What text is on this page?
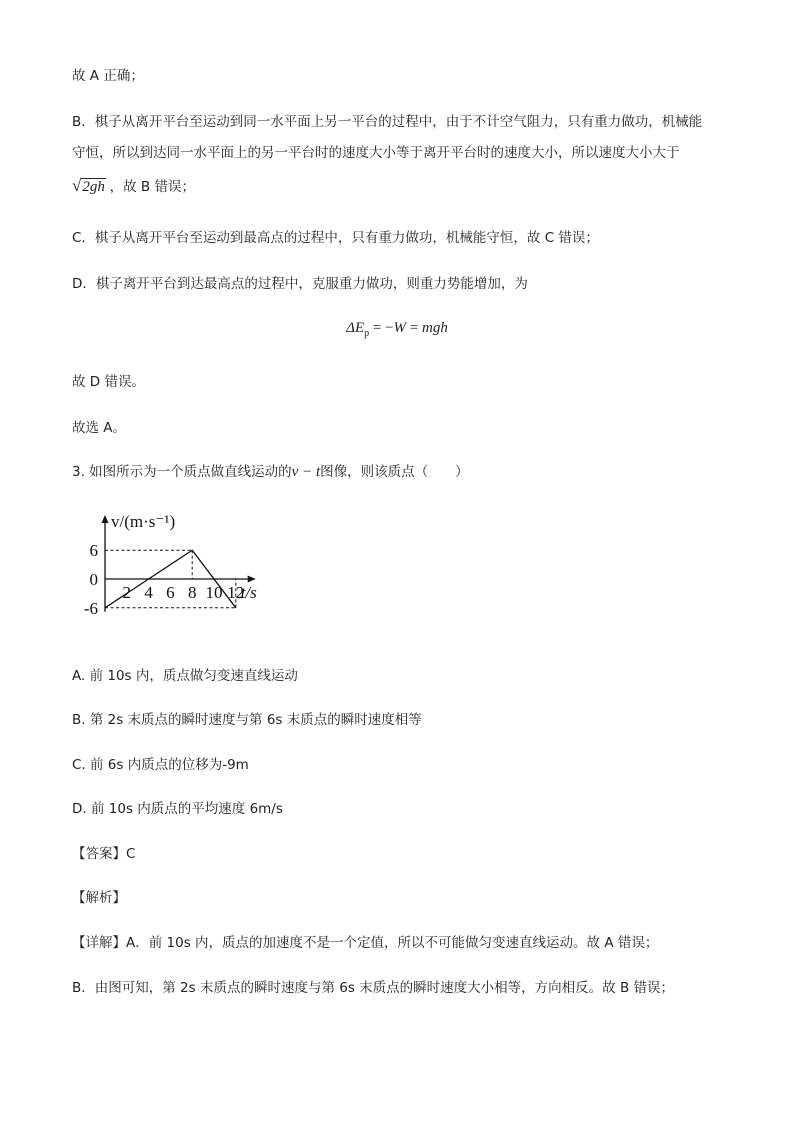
故 A 正确；
B．棋子从离开平台至运动到同一水平面上另一平台的过程中，由于不计空气阻力，只有重力做功，机械能
守恒，所以到达同一水平面上的另一平台时的速度大小等于离开平台时的速度大小，所以速度大小大于
√2gh ，故 B 错误；
C．棋子从离开平台至运动到最高点的过程中，只有重力做功，机械能守恒，故 C 错误；
D．棋子离开平台到达最高点的过程中，克服重力做功，则重力势能增加，为
$\Delta E_p = -W$ = mgh
故 D 错误。
故选 A。
3. 如图所示为一个质点做直线运动的v − t图像，则该质点（　　）
2 4 6 8 10 12
6
0
-6
v/(m·s⁻¹)
t/s
A. 前 10s 内，质点做匀变速直线运动
B. 第 2s 末质点的瞬时速度与第 6s 末质点的瞬时速度相等
C. 前 6s 内质点的位移为-9m
D. 前 10s 内质点的平均速度 6m/s
【答案】C
【解析】
【详解】A．前 10s 内，质点的加速度不是一个定值，所以不可能做匀变速直线运动。故 A 错误；
B．由图可知，第 2s 末质点的瞬时速度与第 6s 末质点的瞬时速度大小相等，方向相反。故 B 错误；
